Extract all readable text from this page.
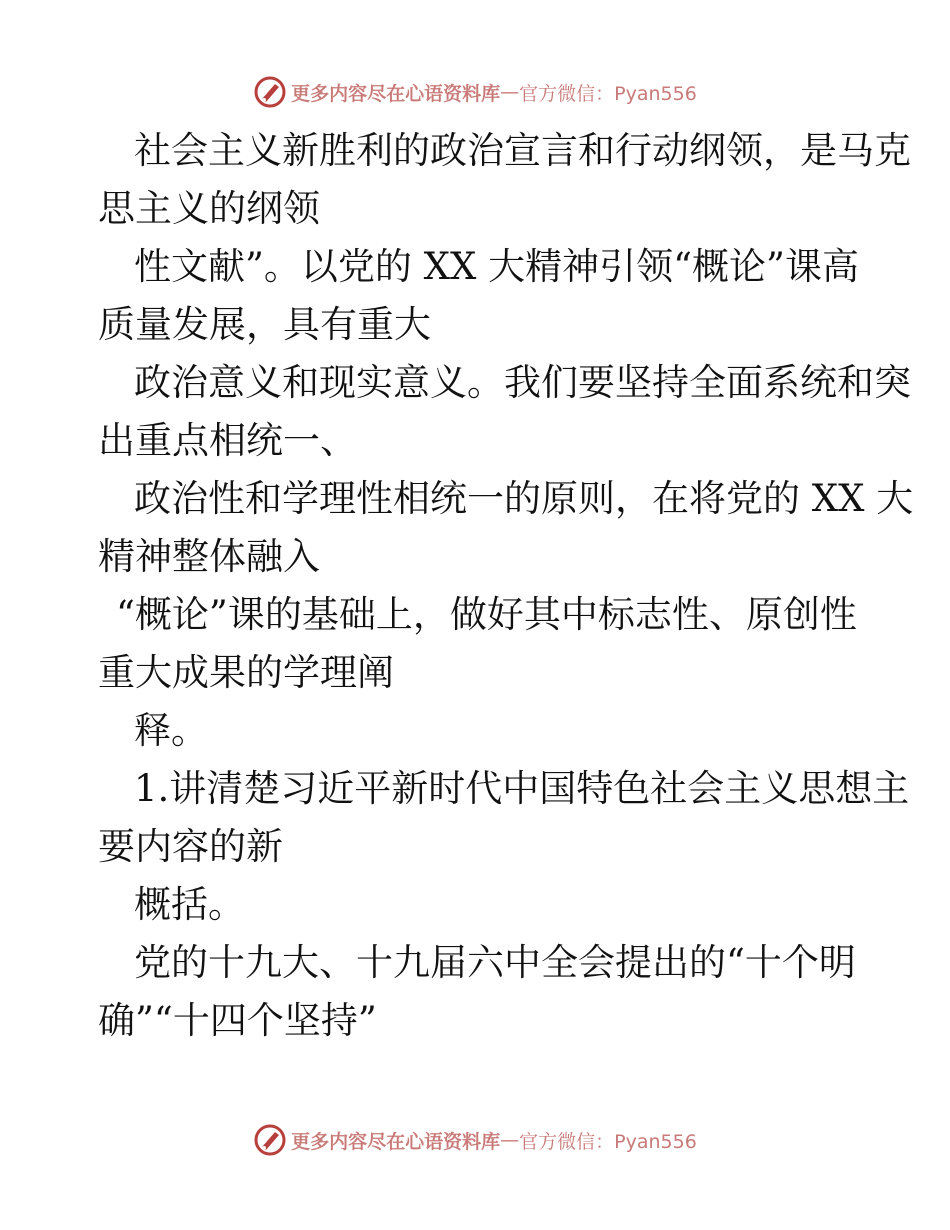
更多内容尽在心语资料库 — 官方微信：Pyan556
社会主义新胜利的政治宣言和行动纲领，是马克
思主义的纲领
性文献”。以党的 XX 大精神引领“概论”课高
质量发展，具有重大
政治意义和现实意义。我们要坚持全面系统和突
出重点相统一、
政治性和学理性相统一的原则，在将党的 XX 大
精神整体融入
“概论”课的基础上，做好其中标志性、原创性
重大成果的学理阐
释。
1.讲清楚习近平新时代中国特色社会主义思想主
要内容的新
概括。
党的十九大、十九届六中全会提出的“十个明
确”“十四个坚持”
更多内容尽在心语资料库 — 官方微信：Pyan556
